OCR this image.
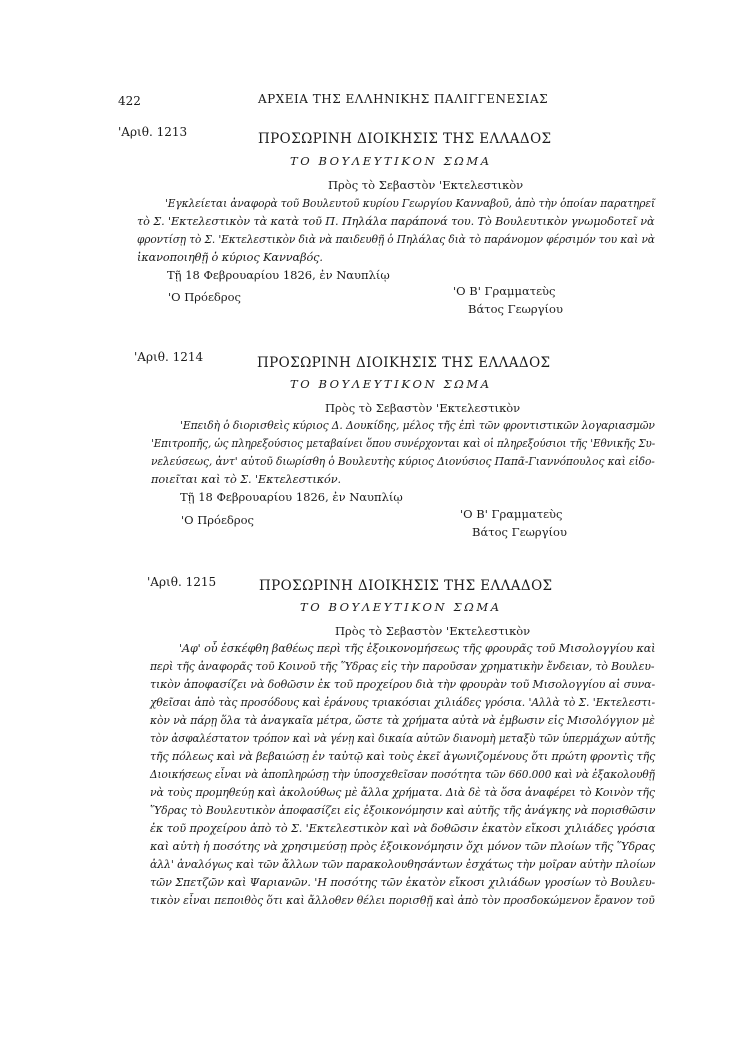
422	ΑΡΧΕΙΑ ΤΗΣ ΕΛΛΗΝΙΚΗΣ ΠΑΛΙΓΓΕΝΕΣΙΑΣ
'Αριθ. 1213	ΠΡΟΣΩΡΙΝΗ ΔΙΟΙΚΗΣΙΣ ΤΗΣ ΕΛΛΑΔΟΣ
ΤΟ ΒΟΥΛΕΥΤΙΚΟΝ ΣΩΜΑ
Πρὸς τὸ Σεβαστὸν 'Εκτελεστικὸν
'Εγκλείεται ἀναφορὰ τοῦ Βουλευτοῦ κυρίου Γεωργίου Κανναβοῦ, ἀπὸ τὴν ὁποίαν παρατηρεῖ
τὸ Σ. 'Εκτελεστικὸν τὰ κατὰ τοῦ Π. Πηλάλα παράπονά του. Τὸ Βουλευτικὸν γνωμοδοτεῖ νὰ
φροντίσῃ τὸ Σ. 'Εκτελεστικὸν διὰ νὰ παιδευθῇ ὁ Πηλάλας διὰ τὸ παράνομον φέρσιμόν του καὶ νὰ
ἱκανοποιηθῇ ὁ κύριος Κανναβός.
Τῇ 18 Φεβρουαρίου 1826, ἐν Ναυπλίῳ
'Ο Πρόεδρος	'Ο Β' Γραμματεὺς
Βάτος Γεωργίου
'Αριθ. 1214	ΠΡΟΣΩΡΙΝΗ ΔΙΟΙΚΗΣΙΣ ΤΗΣ ΕΛΛΑΔΟΣ
ΤΟ ΒΟΥΛΕΥΤΙΚΟΝ ΣΩΜΑ
Πρὸς τὸ Σεβαστὸν 'Εκτελεστικὸν
'Επειδὴ ὁ διορισθεὶς κύριος Δ. Δουκίδης, μέλος τῆς ἐπὶ τῶν φροντιστικῶν λογαριασμῶν
'Επιτροπῆς, ὡς πληρεξούσιος μεταβαίνει ὅπου συνέρχονται καὶ οἱ πληρεξούσιοι τῆς 'Εθνικῆς Συ-
νελεύσεως, ἀντ' αὐτοῦ διωρίσθη ὁ Βουλευτὴς κύριος Διονύσιος Παπᾶ-Γιαννόπουλος καὶ εἰδο-
ποιεῖται καὶ τὸ Σ. 'Εκτελεστικόν.
Τῇ 18 Φεβρουαρίου 1826, ἐν Ναυπλίῳ
'Ο Πρόεδρος	'Ο Β' Γραμματεὺς
Βάτος Γεωργίου
'Αριθ. 1215	ΠΡΟΣΩΡΙΝΗ ΔΙΟΙΚΗΣΙΣ ΤΗΣ ΕΛΛΑΔΟΣ
ΤΟ ΒΟΥΛΕΥΤΙΚΟΝ ΣΩΜΑ
Πρὸς τὸ Σεβαστὸν 'Εκτελεστικὸν
'Αφ' οὗ ἐσκέφθη βαθέως περὶ τῆς ἐξοικονομήσεως τῆς φρουρᾶς τοῦ Μισολογγίου καὶ
περὶ τῆς ἀναφορᾶς τοῦ Κοινοῦ τῆς Ὕδρας εἰς τὴν παροῦσαν χρηματικὴν ἔνδειαν, τὸ Βουλευ-
τικὸν ἀποφασίζει νὰ δοθῶσιν ἐκ τοῦ προχείρου διὰ τὴν φρουρὰν τοῦ Μισολογγίου αἱ συνα-
χθεῖσαι ἀπὸ τὰς προσόδους καὶ ἐράνους τριακόσιαι χιλιάδες γρόσια. 'Αλλὰ τὸ Σ. 'Εκτελεστι-
κὸν νὰ πάρῃ ὅλα τὰ ἀναγκαῖα μέτρα, ὥστε τὰ χρήματα αὐτὰ νὰ ἐμβωσιν εἰς Μισολόγγιον μὲ
τὸν ἀσφαλέστατον τρόπον καὶ νὰ γένῃ καὶ δικαία αὐτῶν διανομὴ μεταξὺ τῶν ὑπερμάχων αὐτῆς
τῆς πόλεως καὶ νὰ βεβαιώσῃ ἐν ταὐτῷ καὶ τοὺς ἐκεῖ ἀγωνιζομένους ὅτι πρώτη φροντὶς τῆς
Διοικήσεως εἶναι νὰ ἀποπληρώσῃ τὴν ὑποσχεθεῖσαν ποσότητα τῶν 660.000 καὶ νὰ ἐξακολουθῇ
νὰ τοὺς προμηθεύῃ καὶ ἀκολούθως μὲ ἄλλα χρήματα. Διὰ δὲ τὰ ὅσα ἀναφέρει τὸ Κοινὸν τῆς
Ὕδρας τὸ Βουλευτικὸν ἀποφασίζει εἰς ἐξοικονόμησιν καὶ αὐτῆς τῆς ἀνάγκης νὰ πορισθῶσιν
ἐκ τοῦ προχείρου ἀπὸ τὸ Σ. 'Εκτελεστικὸν καὶ νὰ δοθῶσιν ἑκατὸν εἴκοσι χιλιάδες γρόσια
καὶ αὐτὴ ἡ ποσότης νὰ χρησιμεύσῃ πρὸς ἐξοικονόμησιν ὄχι μόνον τῶν πλοίων τῆς Ὕδρας
ἀλλ' ἀναλόγως καὶ τῶν ἄλλων τῶν παρακολουθησάντων ἐσχάτως τὴν μοῖραν αὐτὴν πλοίων
τῶν Σπετζῶν καὶ Ψαριανῶν. 'Η ποσότης τῶν ἑκατὸν εἴκοσι χιλιάδων γροσίων τὸ Βουλευ-
τικὸν εἶναι πεποιθὸς ὅτι καὶ ἄλλοθεν θέλει πορισθῇ καὶ ἀπὸ τὸν προσδοκώμενον ἔρανον τοῦ
